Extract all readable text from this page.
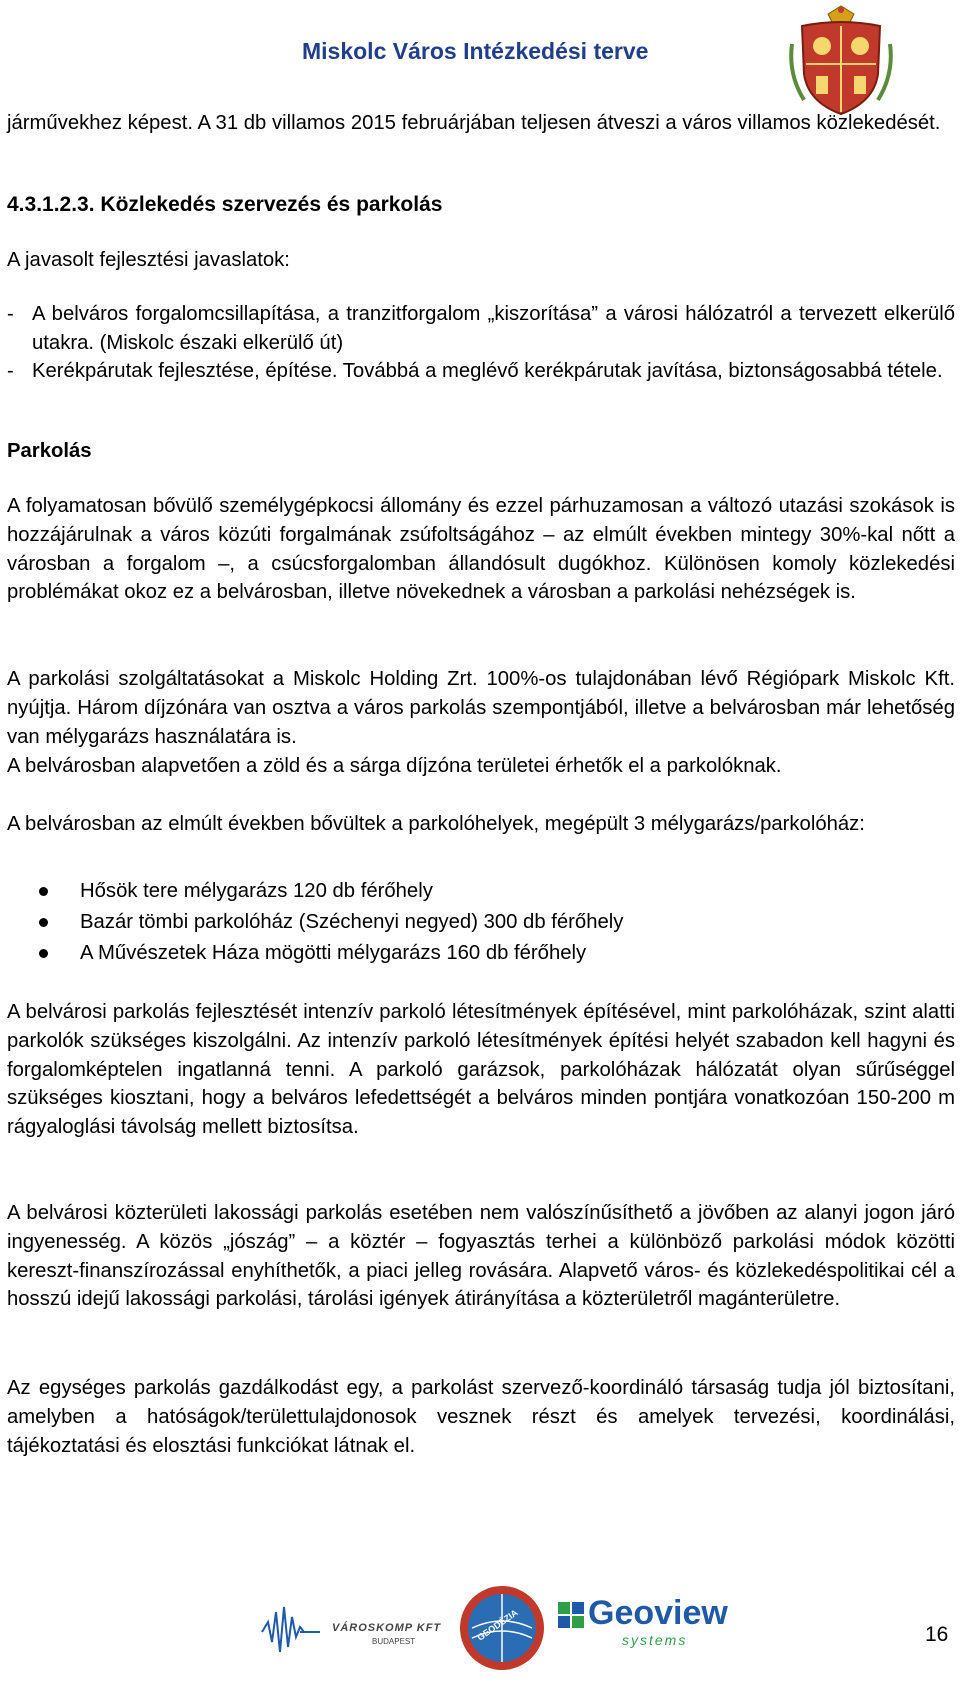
Miskolc Város Intézkedési terve

járművekhez képest. A 31 db villamos 2015 februárjában teljesen átveszi a város villamos közlekedését.

4.3.1.2.3. Közlekedés szervezés és parkolás

A javasolt fejlesztési javaslatok:

- A belváros forgalomcsillapítása, a tranzitforgalom „kiszorítása” a városi hálózatról a tervezett elkerülő utakra. (Miskolc északi elkerülő út)
- Kerékpárutak fejlesztése, építése. Továbbá a meglévő kerékpárutak javítása, biztonságosabbá tétele.

Parkolás

A folyamatosan bővülő személygépkocsi állomány és ezzel párhuzamosan a változó utazási szokások is hozzájárulnak a város közúti forgalmának zsúfoltságához – az elmúlt években mintegy 30%-kal nőtt a városban a forgalom –, a csúcsforgalomban állandósult dugókhoz. Különösen komoly közlekedési problémákat okoz ez a belvárosban, illetve növekednek a városban a parkolási nehézségek is.

A parkolási szolgáltatásokat a Miskolc Holding Zrt. 100%-os tulajdonában lévő Régiópark Miskolc Kft. nyújtja. Három díjzónára van osztva a város parkolás szempontjából, illetve a belvárosban már lehetőség van mélygarázs használatára is.

A belvárosban alapvetően a zöld és a sárga díjzóna területei érhetők el a parkolóknak.

A belvárosban az elmúlt években bővültek a parkolóhelyek, megépült 3 mélygarázs/parkolóház:

Hősök tere mélygarázs 120 db férőhely
Bazár tömbi parkolóház (Széchenyi negyed) 300 db férőhely
A Művészetek Háza mögötti mélygarázs 160 db férőhely

A belvárosi parkolás fejlesztését intenzív parkoló létesítmények építésével, mint parkolóházak, szint alatti parkolók szükséges kiszolgálni. Az intenzív parkoló létesítmények építési helyét szabadon kell hagyni és forgalomképtelen ingatlanná tenni. A parkoló garázsok, parkolóházak hálózatát olyan sűrűséggel szükséges kiosztani, hogy a belváros lefedettségét a belváros minden pontjára vonatkozóan 150-200 m rágyaloglási távolság mellett biztosítsa.

A belvárosi közterületi lakossági parkolás esetében nem valószínűsíthető a jövőben az alanyi jogon járó ingyenesség. A közös „jószág” – a köztér – fogyasztás terhei a különböző parkolási módok közötti kereszt-finanszírozással enyhíthetők, a piaci jelleg rovására. Alapvető város- és közlekedéspolitikai cél a hosszú idejű lakossági parkolási, tárolási igények átirányítása a közterületről magánterületre.

Az egységes parkolás gazdálkodást egy, a parkolást szervező-koordináló társaság tudja jól biztosítani, amelyben a hatóságok/területtulajdonosok vesznek részt és amelyek tervezési, koordinálási, tájékoztatási és elosztási funkciókat látnak el.

VÁROSKOMP KFT
BUDAPEST	GEODÉZIA Geoview
systems	16
